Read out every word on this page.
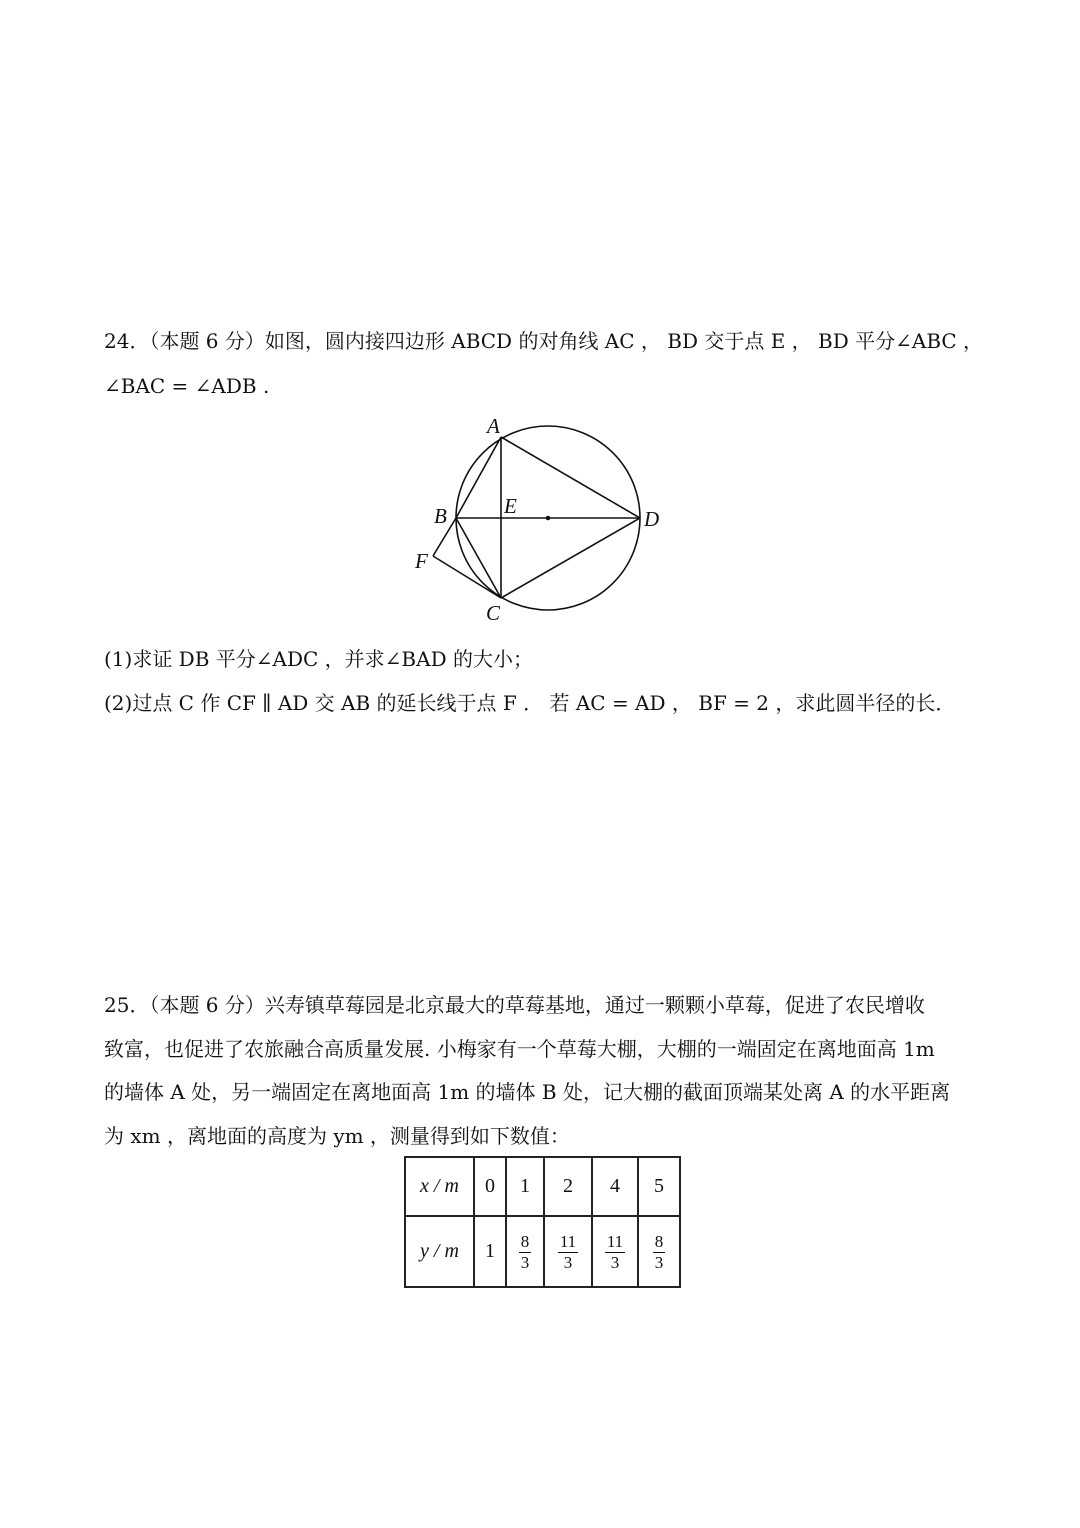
24．（本题 6 分）如图，圆内接四边形 ABCD 的对角线 AC ， BD 交于点 E ， BD 平分∠ABC ，
∠BAC = ∠ADB .
A
B	E
D
F
C
(1)求证 DB 平分∠ADC ，并求∠BAD 的大小；
(2)过点 C 作 CF ∥ AD 交 AB 的延长线于点 F ． 若 AC = AD ， BF = 2 ，求此圆半径的长．
25．（本题 6 分）兴寿镇草莓园是北京最大的草莓基地，通过一颗颗小草莓，促进了农民增收
致富，也促进了农旅融合高质量发展. 小梅家有一个草莓大棚，大棚的一端固定在离地面高 1m
的墙体 A 处，另一端固定在离地面高 1m 的墙体 B 处，记大棚的截面顶端某处离 A 的水平距离
为 xm ，离地面的高度为 ym ，测量得到如下数值：
x / m	0	1	2	4	5
y / m	1	$\frac{8}{3}$	$\frac{11}{3}$	$\frac{11}{3}$	$\frac{8}{3}$
